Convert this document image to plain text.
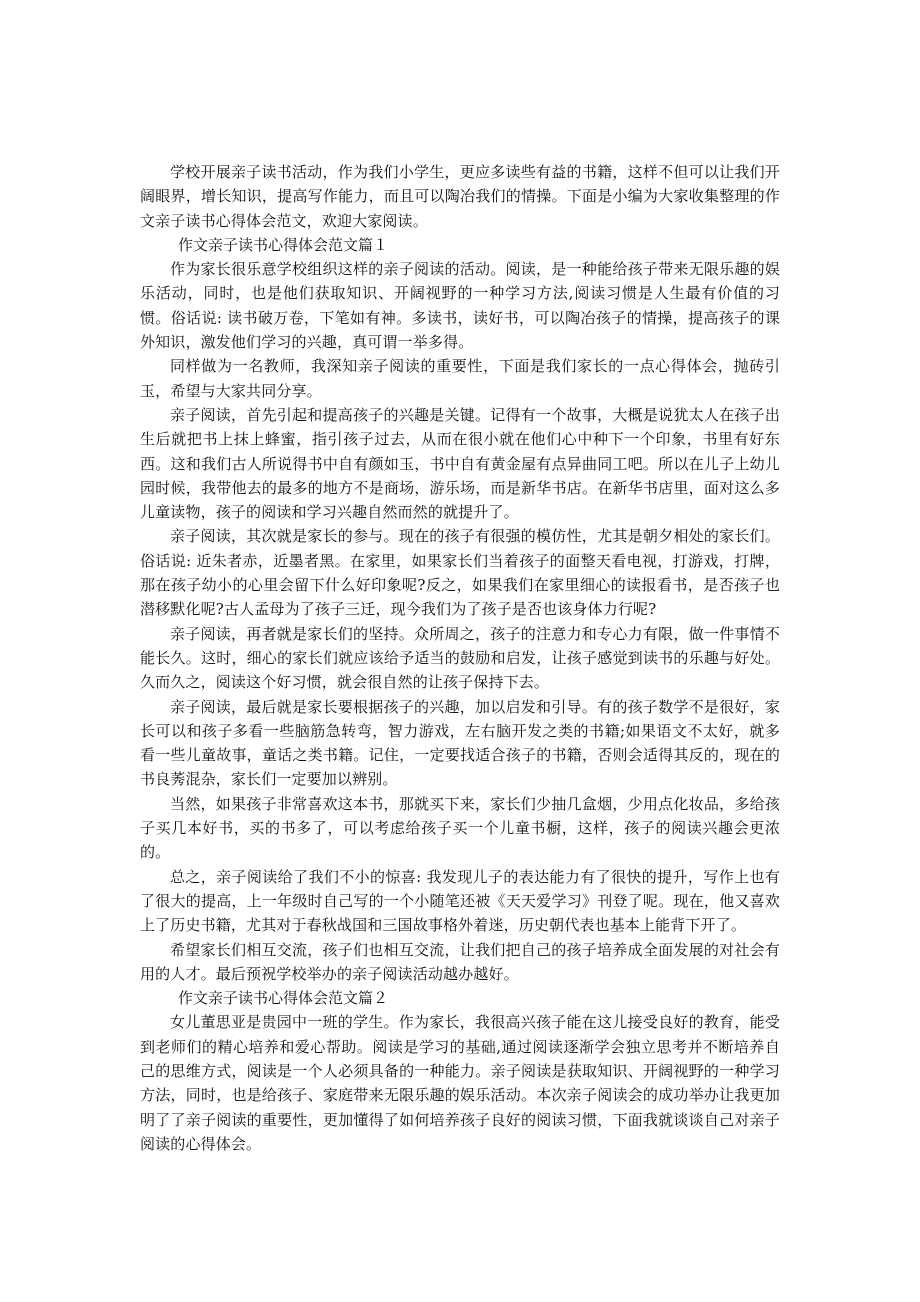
学校开展亲子读书活动，作为我们小学生，更应多读些有益的书籍，这样不但可以让我们开阔眼界，增长知识，提高写作能力，而且可以陶冶我们的情操。下面是小编为大家收集整理的作文亲子读书心得体会范文，欢迎大家阅读。

作文亲子读书心得体会范文篇１

作为家长很乐意学校组织这样的亲子阅读的活动。阅读，是一种能给孩子带来无限乐趣的娱乐活动，同时，也是他们获取知识、开阔视野的一种学习方法,阅读习惯是人生最有价值的习惯。俗话说: 读书破万卷，下笔如有神。多读书，读好书，可以陶冶孩子的情操，提高孩子的课外知识，激发他们学习的兴趣，真可谓一举多得。

同样做为一名教师，我深知亲子阅读的重要性，下面是我们家长的一点心得体会，抛砖引玉，希望与大家共同分享。

亲子阅读，首先引起和提高孩子的兴趣是关键。记得有一个故事，大概是说犹太人在孩子出生后就把书上抹上蜂蜜，指引孩子过去，从而在很小就在他们心中种下一个印象，书里有好东西。这和我们古人所说得书中自有颜如玉，书中自有黄金屋有点异曲同工吧。所以在儿子上幼儿园时候，我带他去的最多的地方不是商场，游乐场，而是新华书店。在新华书店里，面对这么多儿童读物，孩子的阅读和学习兴趣自然而然的就提升了。

亲子阅读，其次就是家长的参与。现在的孩子有很强的模仿性，尤其是朝夕相处的家长们。俗话说: 近朱者赤，近墨者黑。在家里，如果家长们当着孩子的面整天看电视，打游戏，打牌，那在孩子幼小的心里会留下什么好印象呢?反之，如果我们在家里细心的读报看书，是否孩子也潜移默化呢?古人孟母为了孩子三迁，现今我们为了孩子是否也该身体力行呢?

亲子阅读，再者就是家长们的坚持。众所周之，孩子的注意力和专心力有限，做一件事情不能长久。这时，细心的家长们就应该给予适当的鼓励和启发，让孩子感觉到读书的乐趣与好处。久而久之，阅读这个好习惯，就会很自然的让孩子保持下去。

亲子阅读，最后就是家长要根据孩子的兴趣，加以启发和引导。有的孩子数学不是很好，家长可以和孩子多看一些脑筋急转弯，智力游戏，左右脑开发之类的书籍;如果语文不太好，就多看一些儿童故事，童话之类书籍。记住，一定要找适合孩子的书籍，否则会适得其反的，现在的书良莠混杂，家长们一定要加以辨别。

当然，如果孩子非常喜欢这本书，那就买下来，家长们少抽几盒烟，少用点化妆品，多给孩子买几本好书，买的书多了，可以考虑给孩子买一个儿童书橱，这样，孩子的阅读兴趣会更浓的。

总之，亲子阅读给了我们不小的惊喜: 我发现儿子的表达能力有了很快的提升，写作上也有了很大的提高，上一年级时自己写的一个小随笔还被《天天爱学习》刊登了呢。现在，他又喜欢上了历史书籍，尤其对于春秋战国和三国故事格外着迷，历史朝代表也基本上能背下开了。

希望家长们相互交流，孩子们也相互交流，让我们把自己的孩子培养成全面发展的对社会有用的人才。最后预祝学校举办的亲子阅读活动越办越好。

作文亲子读书心得体会范文篇２

女儿董思亚是贵园中一班的学生。作为家长，我很高兴孩子能在这儿接受良好的教育，能受到老师们的精心培养和爱心帮助。阅读是学习的基础,通过阅读逐渐学会独立思考并不断培养自己的思维方式，阅读是一个人必须具备的一种能力。亲子阅读是获取知识、开阔视野的一种学习方法，同时，也是给孩子、家庭带来无限乐趣的娱乐活动。本次亲子阅读会的成功举办让我更加明了了亲子阅读的重要性，更加懂得了如何培养孩子良好的阅读习惯，下面我就谈谈自己对亲子阅读的心得体会。
